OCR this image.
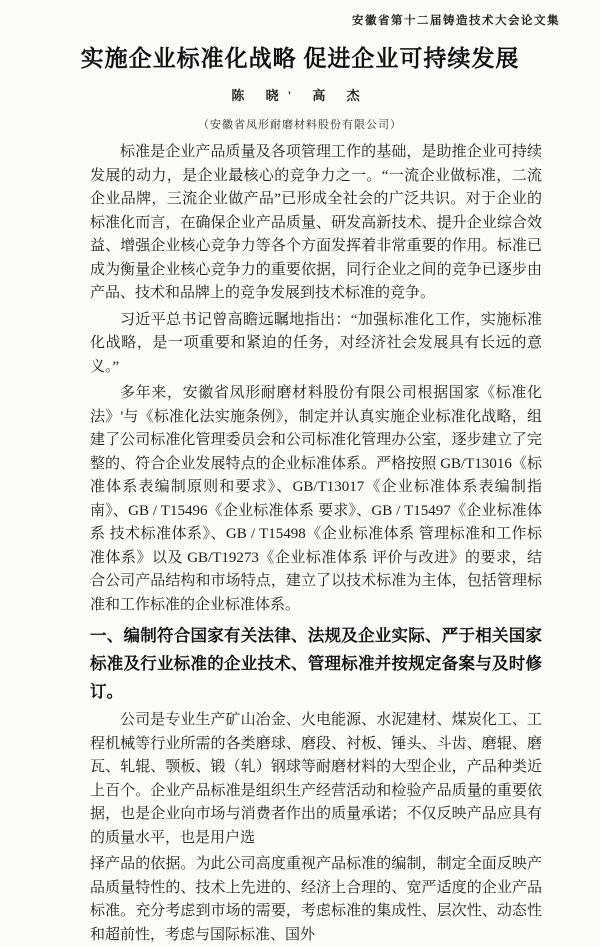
安徽省第十二届铸造技术大会论文集
实施企业标准化战略 促进企业可持续发展
陈 晓' 高 杰
（安徽省凤形耐磨材料股份有限公司）

标准是企业产品质量及各项管理工作的基础，是助推企业可持续发展的动力，是企业最核心的竞争力之一。“一流企业做标准，二流企业品牌，三流企业做产品”已形成全社会的广泛共识。对于企业的标准化而言，在确保企业产品质量、研发高新技术、提升企业综合效益、增强企业核心竞争力等各个方面发挥着非常重要的作用。标准已成为衡量企业核心竞争力的重要依据，同行企业之间的竞争已逐步由产品、技术和品牌上的竞争发展到技术标准的竞争。

习近平总书记曾高瞻远瞩地指出：“加强标准化工作，实施标准化战略，是一项重要和紧迫的任务，对经济社会发展具有长远的意义。”

多年来，安徽省凤形耐磨材料股份有限公司根据国家《标准化法》'与《标准化法实施条例》，制定并认真实施企业标准化战略，组建了公司标准化管理委员会和公司标准化管理办公室，逐步建立了完整的、符合企业发展特点的企业标准体系。严格按照 GB/T13016《标准体系表编制原则和要求》、GB/T13017《企业标准体系表编制指南》、GB / T15496《企业标准体系 要求》、GB / T15497《企业标准体系 技术标准体系》、GB / T15498《企业标准体系 管理标准和工作标准体系》以及 GB/T19273《企业标准体系 评价与改进》的要求，结合公司产品结构和市场特点，建立了以技术标准为主体，包括管理标准和工作标准的企业标准体系。

一、编制符合国家有关法律、法规及企业实际、严于相关国家标准及行业标准的企业技术、管理标准并按规定备案与及时修订。

公司是专业生产矿山冶金、火电能源、水泥建材、煤炭化工、工程机械等行业所需的各类磨球、磨段、衬板、锤头、斗齿、磨辊、磨瓦、轧辊、颚板、锻（轧）钢球等耐磨材料的大型企业，产品种类近上百个。企业产品标准是组织生产经营活动和检验产品质量的重要依据，也是企业向市场与消费者作出的质量承诺；不仅反映产品应具有的质量水平，也是用户选

择产品的依据。为此公司高度重视产品标准的编制，制定全面反映产品质量特性的、技术上先进的、经济上合理的、宽严适度的企业产品标准。充分考虑到市场的需要，考虑标准的集成性、层次性、动态性和超前性，考虑与国际标准、国外
